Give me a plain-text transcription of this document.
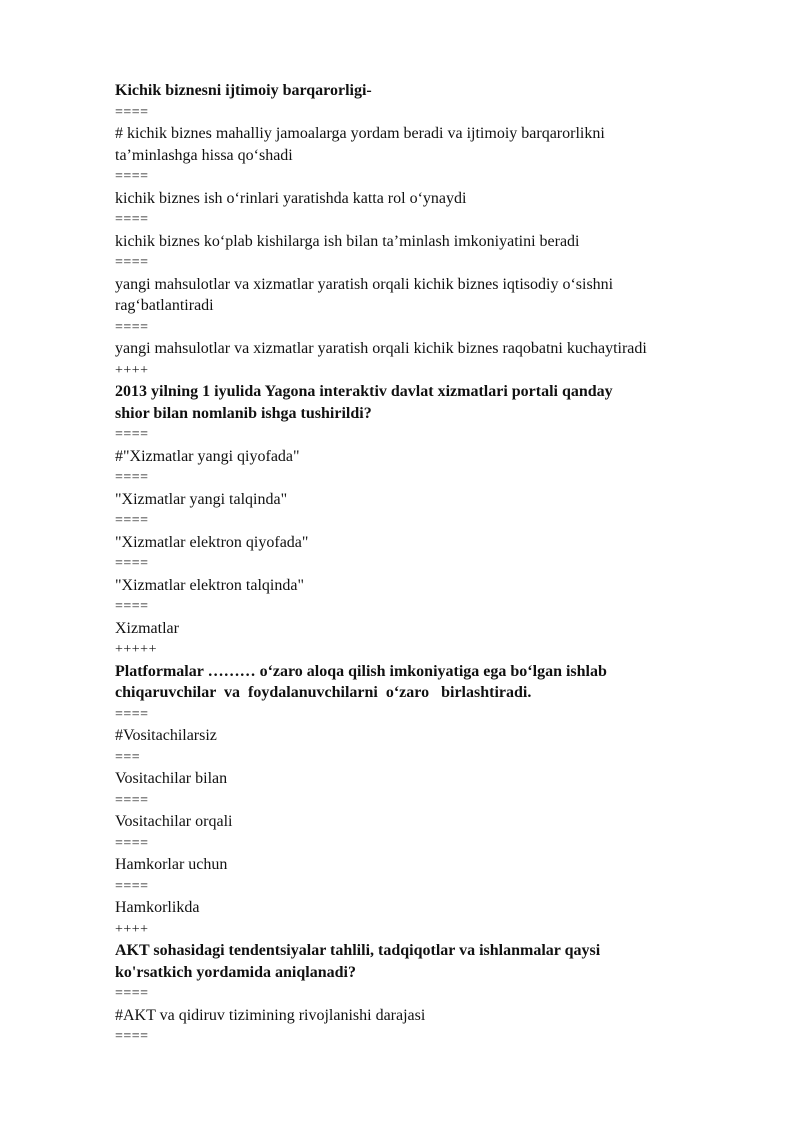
Kichik biznesni ijtimoiy barqarorligi-

====

# kichik biznes mahalliy jamoalarga yordam beradi va ijtimoiy barqarorlikni

ta’minlashga hissa qo‘shadi

====

kichik biznes ish o‘rinlari yaratishda katta rol o‘ynaydi

====

kichik biznes ko‘plab kishilarga ish bilan ta’minlash imkoniyatini beradi

====

yangi mahsulotlar va xizmatlar yaratish orqali kichik biznes iqtisodiy o‘sishni

rag‘batlantiradi

====

yangi mahsulotlar va xizmatlar yaratish orqali kichik biznes raqobatni kuchaytiradi

++++

2013 yilning 1 iyulida Yagona interaktiv davlat xizmatlari portali qanday

shior bilan nomlanib ishga tushirildi?

====

#"Xizmatlar yangi qiyofada"

====

"Xizmatlar yangi talqinda"

====

"Xizmatlar elektron qiyofada"

====

"Xizmatlar elektron talqinda"

====

Xizmatlar

+++++

Platformalar ……… o‘zaro aloqa qilish imkoniyatiga ega bo‘lgan ishlab

chiqaruvchilar  va  foydalanuvchilarni  o‘zaro   birlashtiradi.

====

#Vositachilarsiz

===

Vositachilar bilan

====

Vositachilar orqali

====

Hamkorlar uchun

====

Hamkorlikda

++++

AKT sohasidagi tendentsiyalar tahlili, tadqiqotlar va ishlanmalar qaysi

ko'rsatkich yordamida aniqlanadi?

====

#AKT va qidiruv tizimining rivojlanishi darajasi

====
